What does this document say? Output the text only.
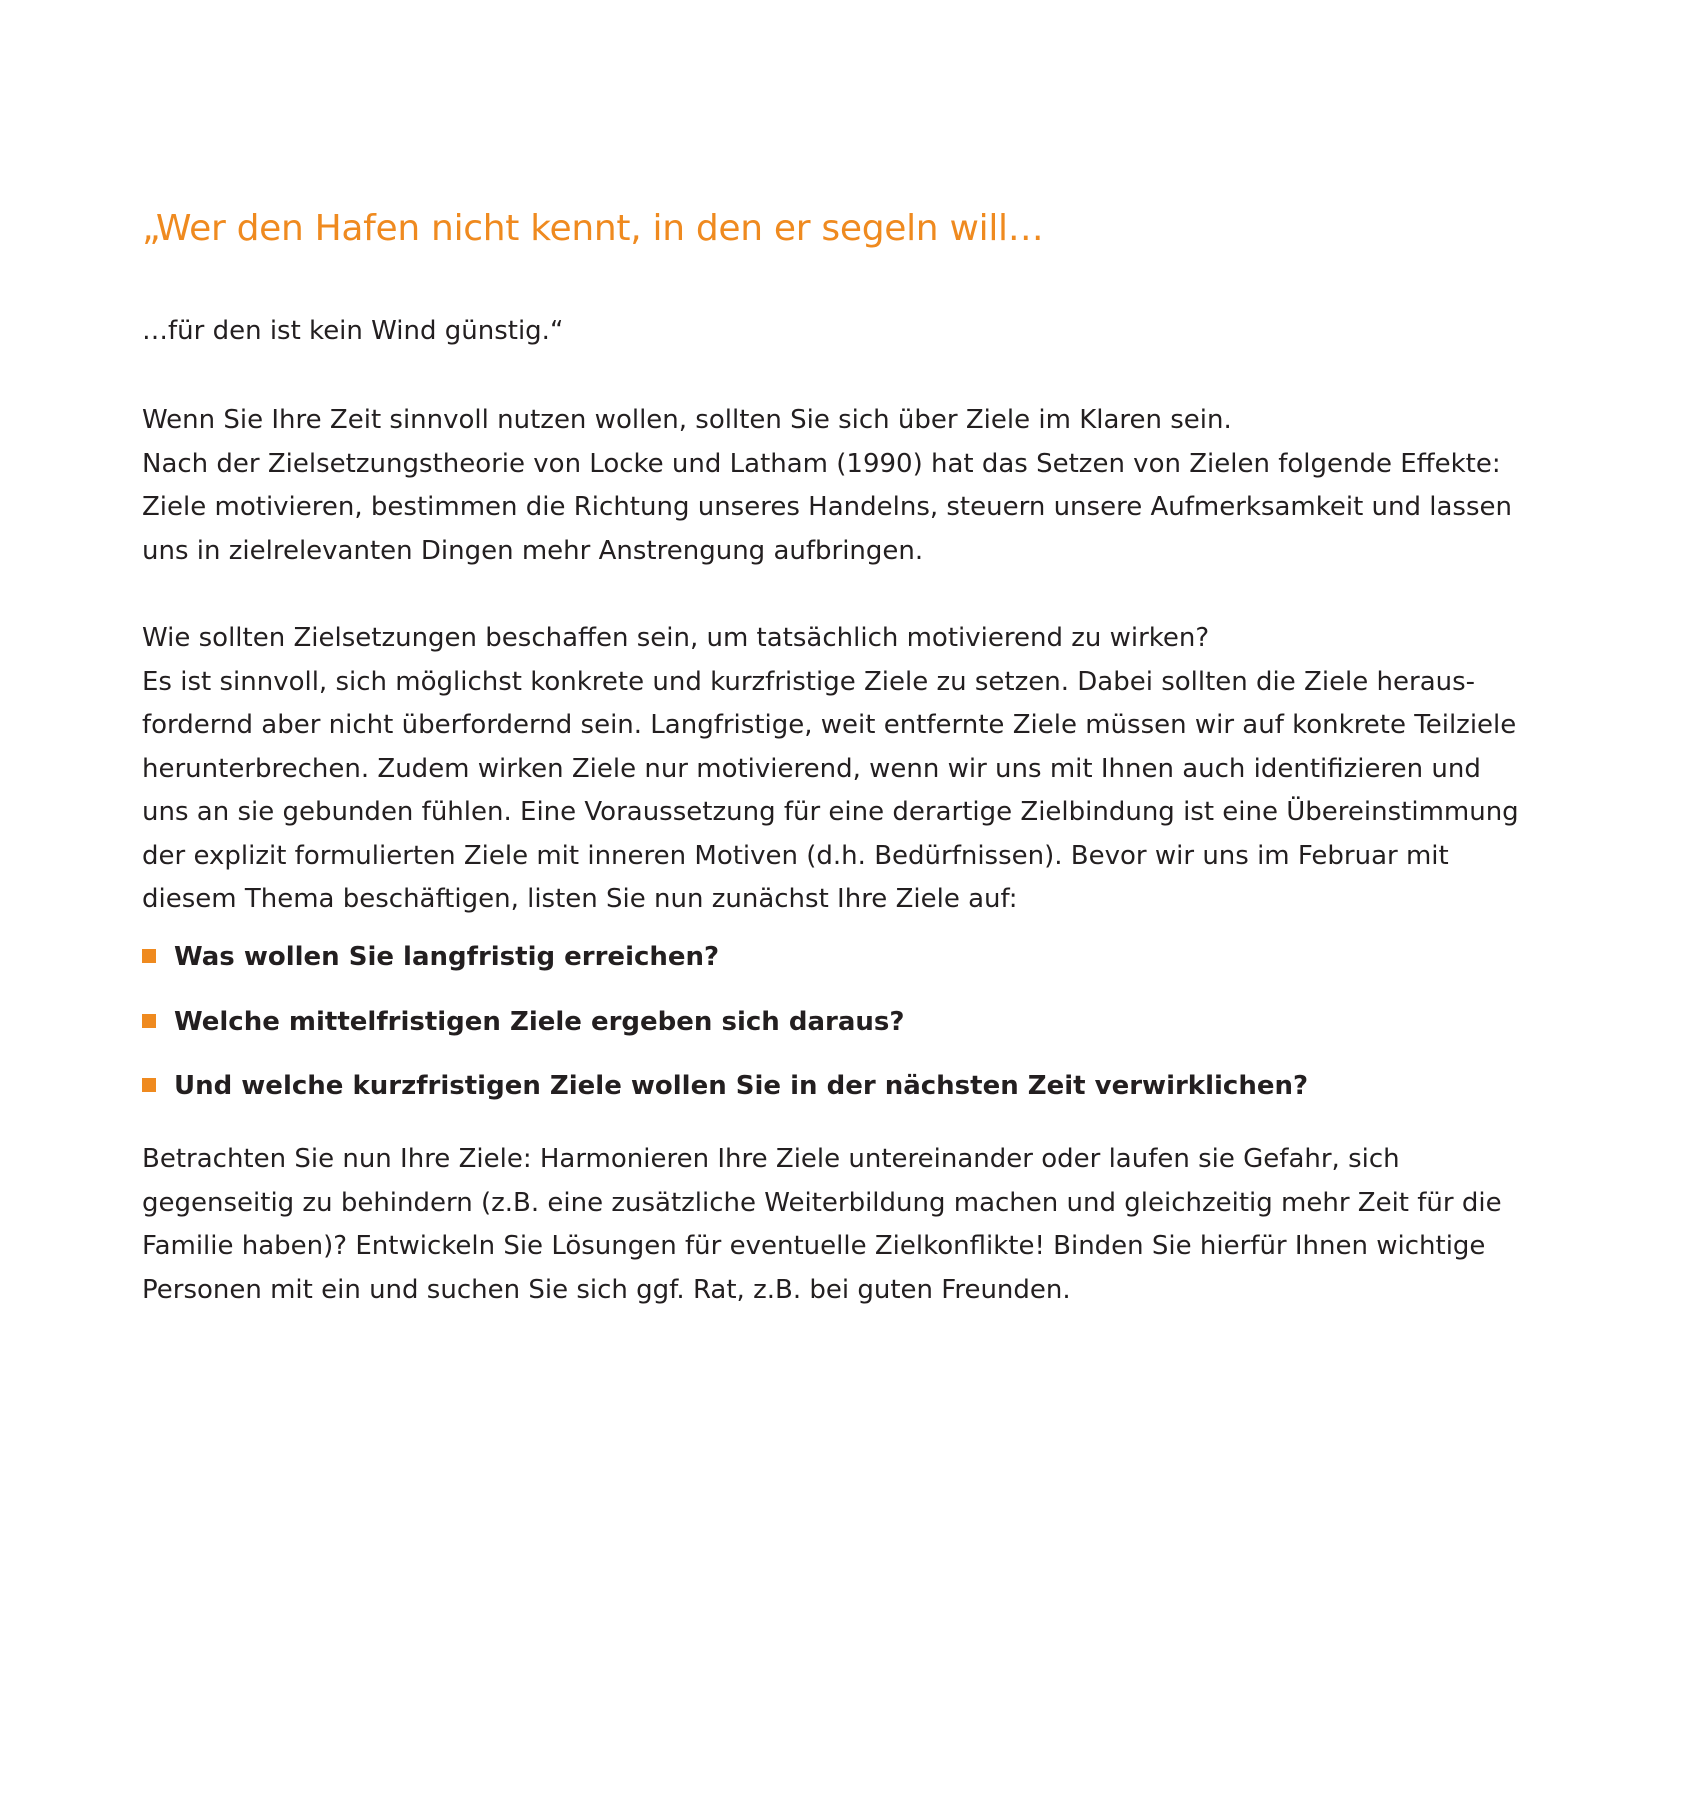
„Wer den Hafen nicht kennt, in den er segeln will…

…für den ist kein Wind günstig.“

Wenn Sie Ihre Zeit sinnvoll nutzen wollen, sollten Sie sich über Ziele im Klaren sein.
Nach der Zielsetzungstheorie von Locke und Latham (1990) hat das Setzen von Zielen folgende Effekte:
Ziele motivieren, bestimmen die Richtung unseres Handelns, steuern unsere Aufmerksamkeit und lassen
uns in zielrelevanten Dingen mehr Anstrengung aufbringen.

Wie sollten Zielsetzungen beschaffen sein, um tatsächlich motivierend zu wirken?
Es ist sinnvoll, sich möglichst konkrete und kurzfristige Ziele zu setzen. Dabei sollten die Ziele heraus-
fordernd aber nicht überfordernd sein. Langfristige, weit entfernte Ziele müssen wir auf konkrete Teilziele
herunterbrechen. Zudem wirken Ziele nur motivierend, wenn wir uns mit Ihnen auch identifizieren und
uns an sie gebunden fühlen. Eine Voraussetzung für eine derartige Zielbindung ist eine Übereinstimmung
der explizit formulierten Ziele mit inneren Motiven (d.h. Bedürfnissen). Bevor wir uns im Februar mit
diesem Thema beschäftigen, listen Sie nun zunächst Ihre Ziele auf:

Was wollen Sie langfristig erreichen?
Welche mittelfristigen Ziele ergeben sich daraus?
Und welche kurzfristigen Ziele wollen Sie in der nächsten Zeit verwirklichen?

Betrachten Sie nun Ihre Ziele: Harmonieren Ihre Ziele untereinander oder laufen sie Gefahr, sich
gegenseitig zu behindern (z.B. eine zusätzliche Weiterbildung machen und gleichzeitig mehr Zeit für die
Familie haben)? Entwickeln Sie Lösungen für eventuelle Zielkonflikte! Binden Sie hierfür Ihnen wichtige
Personen mit ein und suchen Sie sich ggf. Rat, z.B. bei guten Freunden.
